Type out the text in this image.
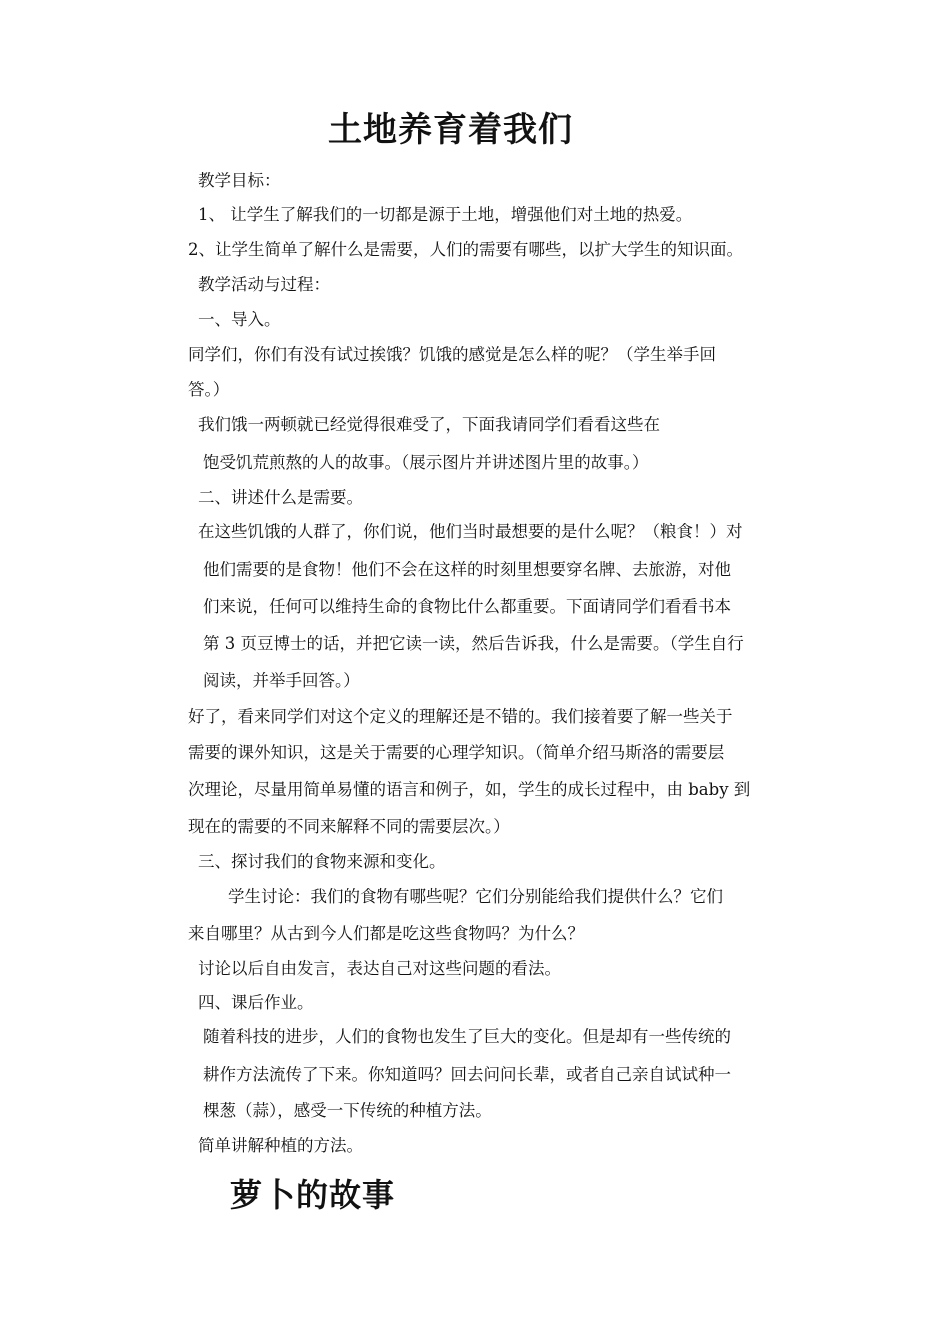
土地养育着我们

教学目标：

1、 让学生了解我们的一切都是源于土地，增强他们对土地的热爱。

2、让学生简单了解什么是需要，人们的需要有哪些，以扩大学生的知识面。

教学活动与过程：

一、导入。

同学们，你们有没有试过挨饿？饥饿的感觉是怎么样的呢？（学生举手回

答。）

我们饿一两顿就已经觉得很难受了，下面我请同学们看看这些在

饱受饥荒煎熬的人的故事。（展示图片并讲述图片里的故事。）

二、讲述什么是需要。

在这些饥饿的人群了，你们说，他们当时最想要的是什么呢？（粮食！）对

他们需要的是食物！他们不会在这样的时刻里想要穿名牌、去旅游，对他

们来说，任何可以维持生命的食物比什么都重要。下面请同学们看看书本

第 3 页豆博士的话，并把它读一读，然后告诉我，什么是需要。（学生自行

阅读，并举手回答。）

好了，看来同学们对这个定义的理解还是不错的。我们接着要了解一些关于

需要的课外知识，这是关于需要的心理学知识。（简单介绍马斯洛的需要层

次理论，尽量用简单易懂的语言和例子，如，学生的成长过程中，由 baby 到

现在的需要的不同来解释不同的需要层次。）

三、探讨我们的食物来源和变化。

学生讨论：我们的食物有哪些呢？它们分别能给我们提供什么？它们

来自哪里？从古到今人们都是吃这些食物吗？为什么？

讨论以后自由发言，表达自己对这些问题的看法。

四、课后作业。

随着科技的进步，人们的食物也发生了巨大的变化。但是却有一些传统的

耕作方法流传了下来。你知道吗？回去问问长辈，或者自己亲自试试种一

棵葱（蒜），感受一下传统的种植方法。

简单讲解种植的方法。

萝卜的故事
